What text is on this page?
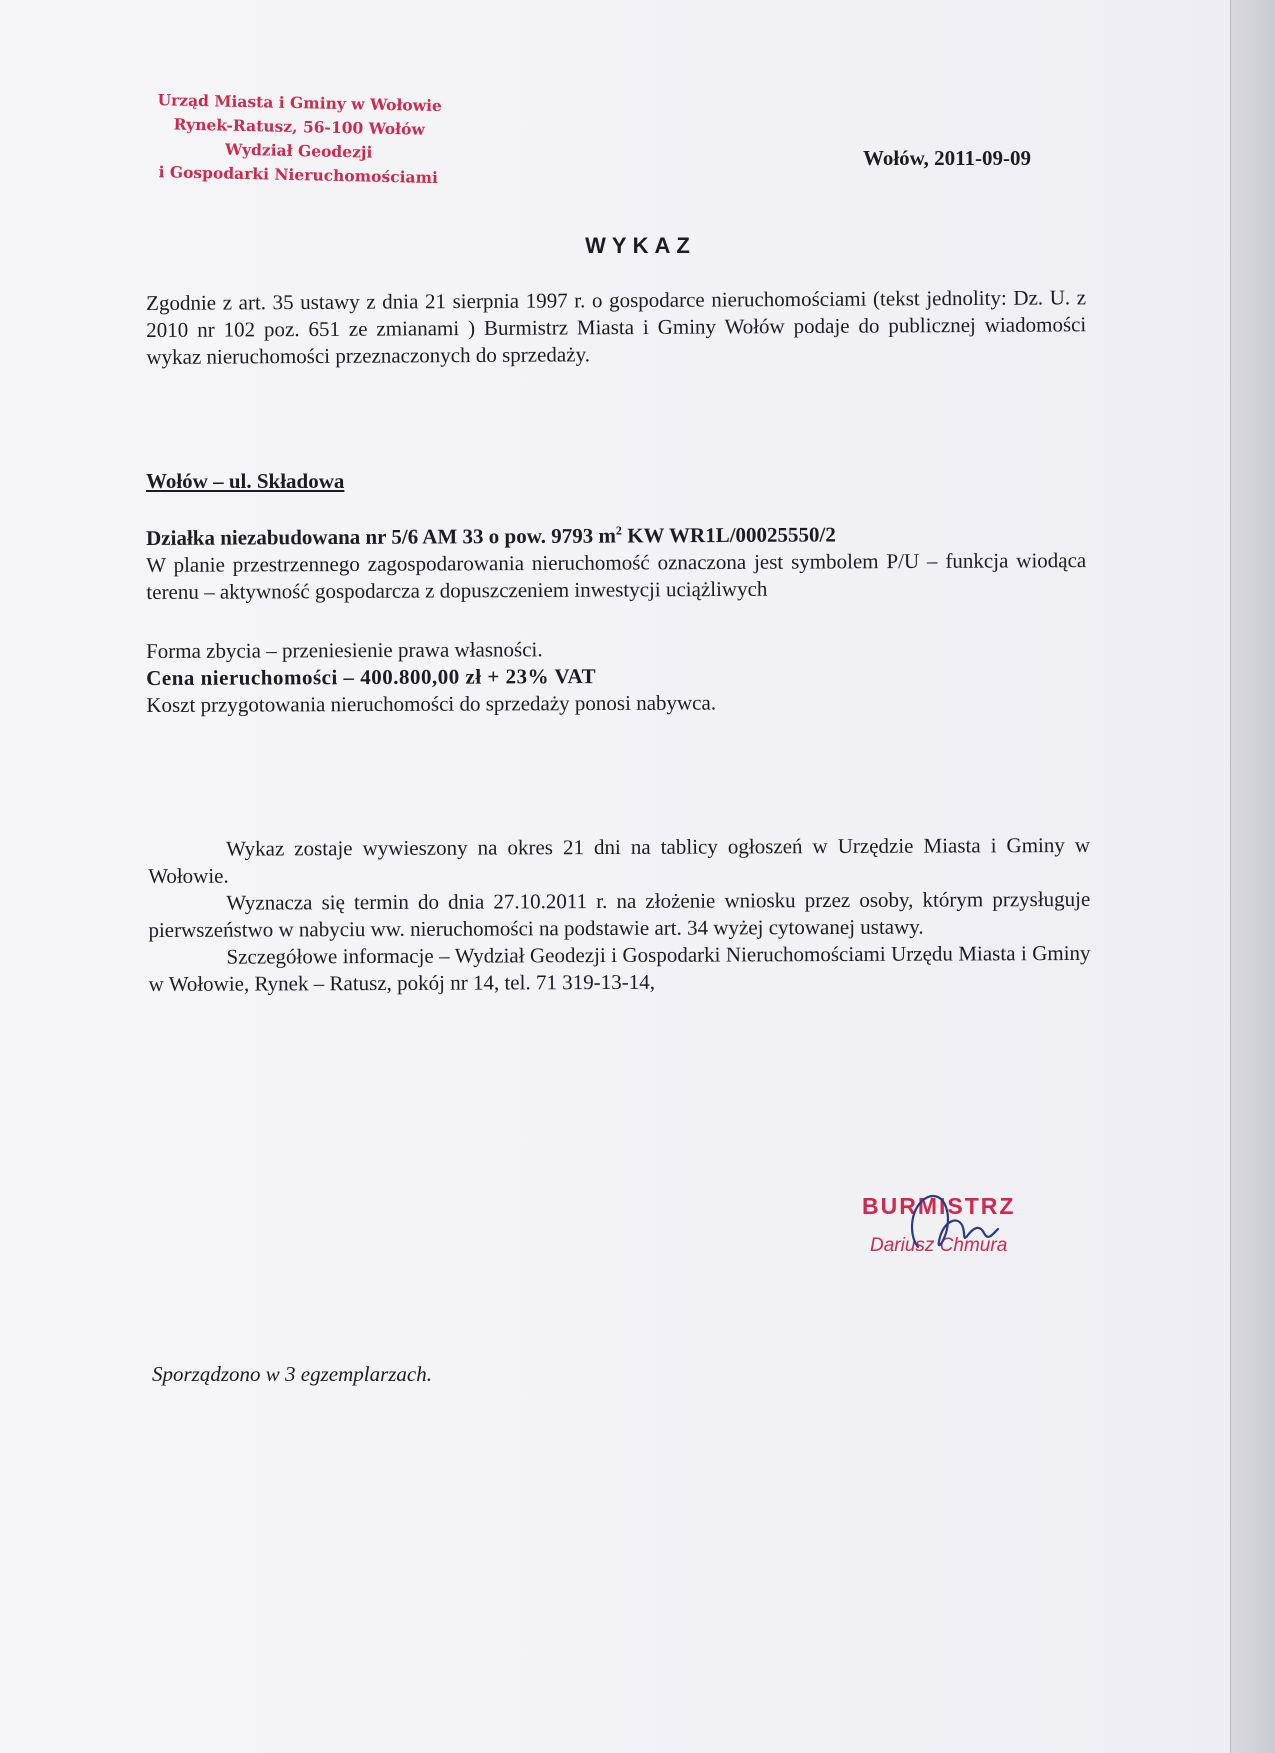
Urząd Miasta i Gminy w Wołowie
Rynek-Ratusz, 56-100 Wołów
Wydział Geodezji
i Gospodarki Nieruchomościami
Wołów, 2011-09-09
WYKAZ
Zgodnie z art. 35 ustawy z dnia 21 sierpnia 1997 r. o gospodarce nieruchomościami (tekst jednolity: Dz. U. z 2010 nr 102 poz. 651 ze zmianami ) Burmistrz Miasta i Gminy Wołów podaje do publicznej wiadomości wykaz nieruchomości przeznaczonych do sprzedaży.
Wołów – ul. Składowa
Działka niezabudowana nr 5/6 AM 33 o pow. 9793 $m^2$ KW WR1L/00025550/2
W planie przestrzennego zagospodarowania nieruchomość oznaczona jest symbolem P/U – funkcja wiodąca terenu – aktywność gospodarcza z dopuszczeniem inwestycji uciążliwych
Forma zbycia – przeniesienie prawa własności.
Cena nieruchomości – 400.800,00 zł + 23% VAT
Koszt przygotowania nieruchomości do sprzedaży ponosi nabywca.

Wykaz zostaje wywieszony na okres 21 dni na tablicy ogłoszeń w Urzędzie Miasta i Gminy w Wołowie.

Wyznacza się termin do dnia 27.10.2011 r. na złożenie wniosku przez osoby, którym przysługuje pierwszeństwo w nabyciu ww. nieruchomości na podstawie art. 34 wyżej cytowanej ustawy.

Szczegółowe informacje – Wydział Geodezji i Gospodarki Nieruchomościami Urzędu Miasta i Gminy w Wołowie, Rynek – Ratusz, pokój nr 14, tel. 71 319-13-14,

BURMISTRZ
Dariusz Chmura
Sporządzono w 3 egzemplarzach.
